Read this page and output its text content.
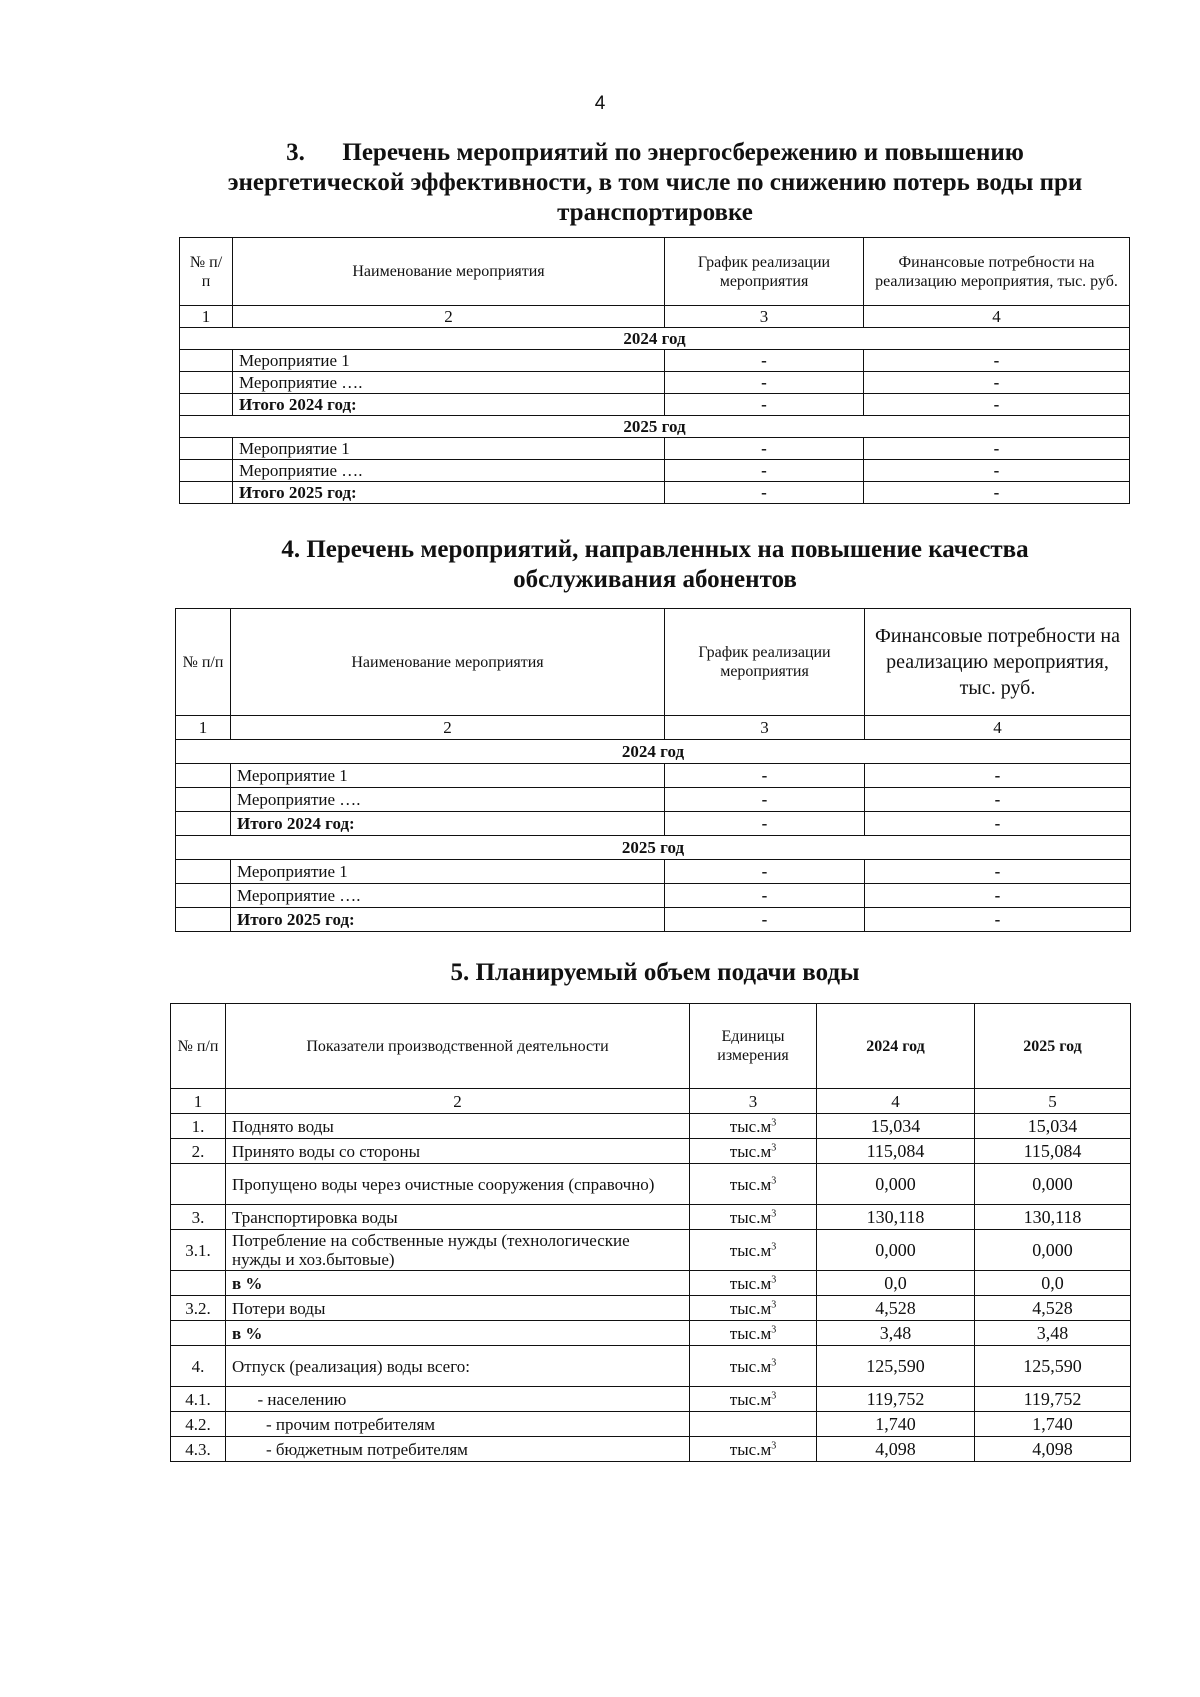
4
3.      Перечень мероприятий по энергосбережению и повышению
энергетической эффективности, в том числе по снижению потерь воды при
транспортировке
№ п/п	Наименование мероприятия	График реализации мероприятия	Финансовые потребности на реализацию мероприятия, тыс. руб.
1	2	3	4
2024 год			
	Мероприятие 1	-	-
	Мероприятие ….	-	-
	Итого 2024 год:	-	-
2025 год			
	Мероприятие 1	-	-
	Мероприятие ….	-	-
	Итого 2025 год:	-	-
4. Перечень мероприятий, направленных на повышение качества
обслуживания абонентов
№ п/п	Наименование мероприятия	График реализации мероприятия	Финансовые потребности на реализацию мероприятия, тыс. руб.
1	2	3	4
2024 год			
	Мероприятие 1	-	-
	Мероприятие ….	-	-
	Итого 2024 год:	-	-
2025 год			
	Мероприятие 1	-	-
	Мероприятие ….	-	-
	Итого 2025 год:	-	-
5. Планируемый объем подачи воды
№ п/п	Показатели производственной деятельности	Единицы измерения	2024 год	2025 год
1	2	3	4	5
1.	Поднято воды	$тыс.м^3$	15,034	15,034
2.	Принято воды со стороны	$тыс.м^3$	115,084	115,084
	Пропущено воды через очистные сооружения (справочно)	$тыс.м^3$	0,000	0,000
3.	Транспортировка воды	$тыс.м^3$	130,118	130,118
3.1.	Потребление на собственные нужды (технологические нужды и хоз.бытовые)	$тыс.м^3$	0,000	0,000
	в %	$тыс.м^3$	0,0	0,0
3.2.	Потери воды	$тыс.м^3$	4,528	4,528
	в %	$тыс.м^3$	3,48	3,48
4.	Отпуск (реализация) воды всего:	$тыс.м^3$	125,590	125,590
4.1.	- населению	$тыс.м^3$	119,752	119,752
4.2.	- прочим потребителям		1,740	1,740
4.3.	- бюджетным потребителям	$тыс.м^3$	4,098	4,098
